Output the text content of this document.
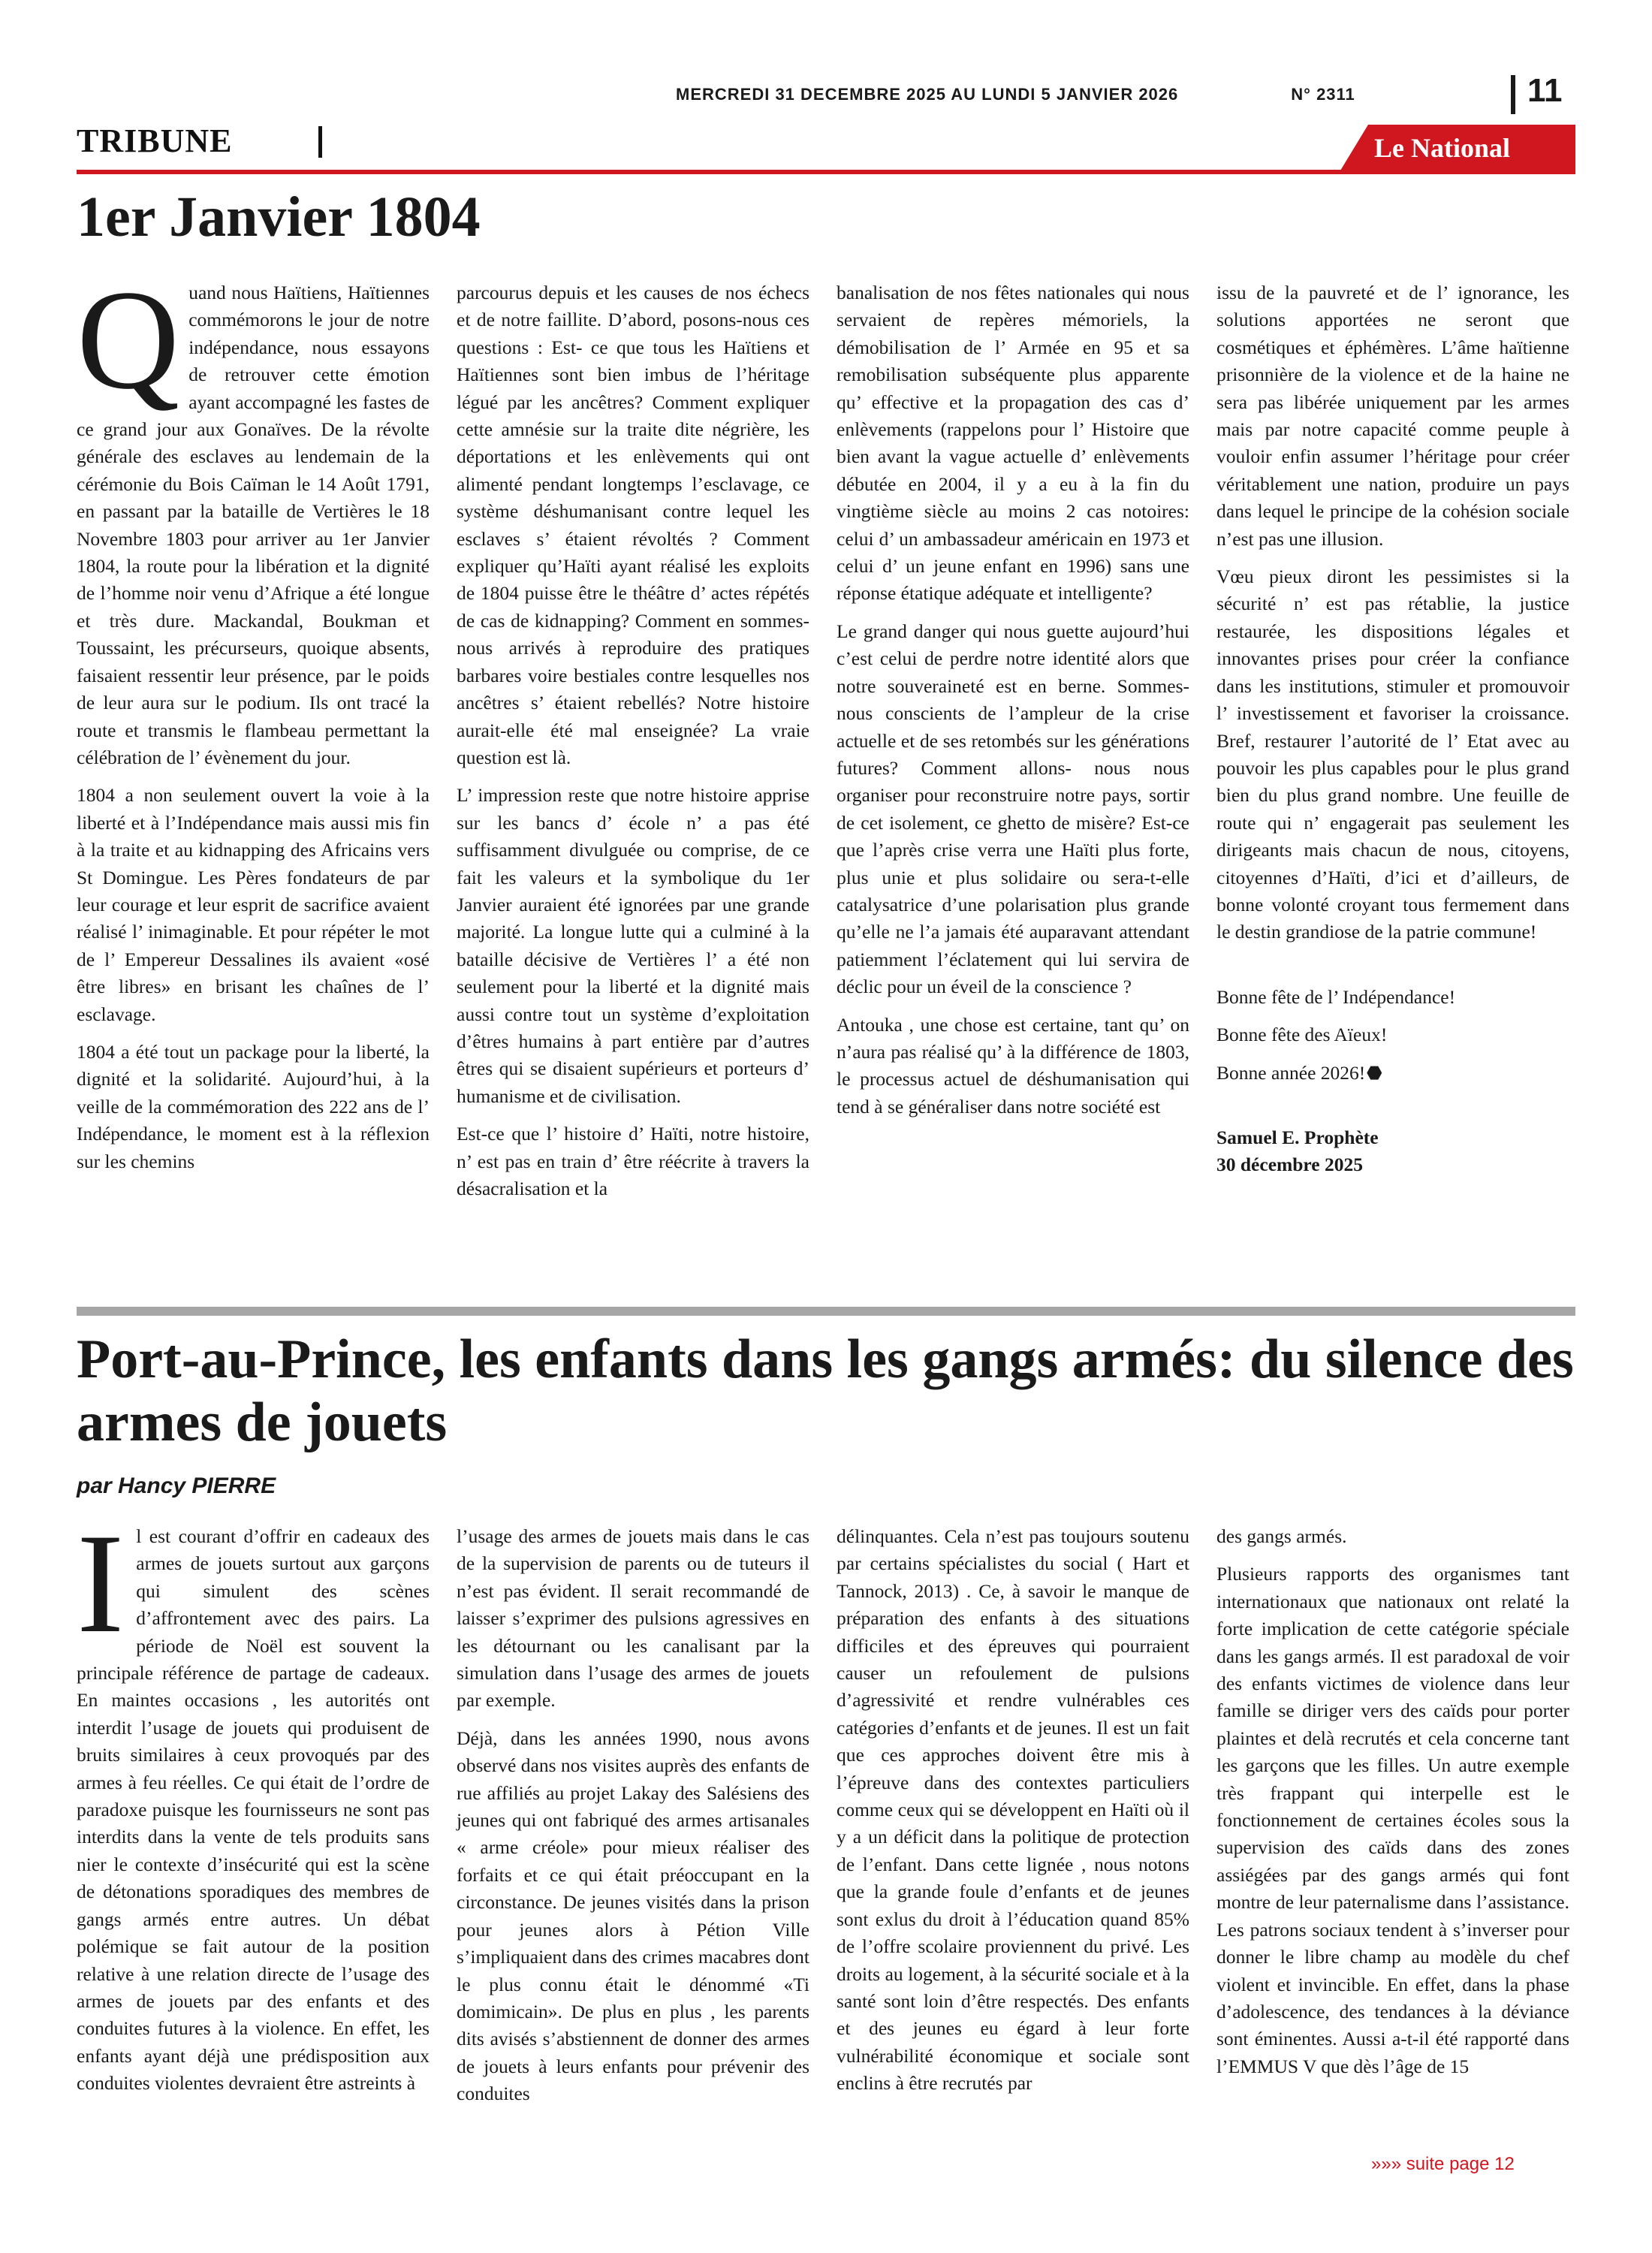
MERCREDI 31 DECEMBRE 2025 AU LUNDI 5 JANVIER 2026	N° 2311	11
TRIBUNE	Le National
1er Janvier 1804

Quand nous Haïtiens, Haïtiennes commémorons le jour de notre indépendance, nous essayons de retrouver cette émotion ayant accompagné les fastes de ce grand jour aux Gonaïves. De la révolte générale des esclaves au lendemain de la cérémonie du Bois Caïman le 14 Août 1791, en passant par la bataille de Vertières le 18 Novembre 1803 pour arriver au 1er Janvier 1804, la route pour la libération et la dignité de l’homme noir venu d’Afrique a été longue et très dure. Mackandal, Boukman et Toussaint, les précurseurs, quoique absents, faisaient ressentir leur présence, par le poids de leur aura sur le podium. Ils ont tracé la route et transmis le flambeau permettant la célébration de l’ évènement du jour.

1804 a non seulement ouvert la voie à la liberté et à l’Indépendance mais aussi mis fin à la traite et au kidnapping des Africains vers St Domingue. Les Pères fondateurs de par leur courage et leur esprit de sacrifice avaient réalisé l’ inimaginable. Et pour répéter le mot de l’ Empereur Dessalines ils avaient «osé être libres» en brisant les chaînes de l’ esclavage.

1804 a été tout un package pour la liberté, la dignité et la solidarité. Aujourd’hui, à la veille de la commémoration des 222 ans de l’ Indépendance, le moment est à la réflexion sur les chemins

parcourus depuis et les causes de nos échecs et de notre faillite. D’abord, posons-nous ces questions : Est- ce que tous les Haïtiens et Haïtiennes sont bien imbus de l’héritage légué par les ancêtres? Comment expliquer cette amnésie sur la traite dite négrière, les déportations et les enlèvements qui ont alimenté pendant longtemps l’esclavage, ce système déshumanisant contre lequel les esclaves s’ étaient révoltés ? Comment expliquer qu’Haïti ayant réalisé les exploits de 1804 puisse être le théâtre d’ actes répétés de cas de kidnapping? Comment en sommes- nous arrivés à reproduire des pratiques barbares voire bestiales contre lesquelles nos ancêtres s’ étaient rebellés? Notre histoire aurait-elle été mal enseignée? La vraie question est là.

L’ impression reste que notre histoire apprise sur les bancs d’ école n’ a pas été suffisamment divulguée ou comprise, de ce fait les valeurs et la symbolique du 1er Janvier auraient été ignorées par une grande majorité. La longue lutte qui a culminé à la bataille décisive de Vertières l’ a été non seulement pour la liberté et la dignité mais aussi contre tout un système d’exploitation d’êtres humains à part entière par d’autres êtres qui se disaient supérieurs et porteurs d’ humanisme et de civilisation.

Est-ce que l’ histoire d’ Haïti, notre histoire, n’ est pas en train d’ être réécrite à travers la désacralisation et la

banalisation de nos fêtes nationales qui nous servaient de repères mémoriels, la démobilisation de l’ Armée en 95 et sa remobilisation subséquente plus apparente qu’ effective et la propagation des cas d’ enlèvements (rappelons pour l’ Histoire que bien avant la vague actuelle d’ enlèvements débutée en 2004, il y a eu à la fin du vingtième siècle au moins 2 cas notoires: celui d’ un ambassadeur américain en 1973 et celui d’ un jeune enfant en 1996) sans une réponse étatique adéquate et intelligente?

Le grand danger qui nous guette aujourd’hui c’est celui de perdre notre identité alors que notre souveraineté est en berne. Sommes-nous conscients de l’ampleur de la crise actuelle et de ses retombés sur les générations futures? Comment allons- nous nous organiser pour reconstruire notre pays, sortir de cet isolement, ce ghetto de misère? Est-ce que l’après crise verra une Haïti plus forte, plus unie et plus solidaire ou sera-t-elle catalysatrice d’une polarisation plus grande qu’elle ne l’a jamais été auparavant attendant patiemment l’éclatement qui lui servira de déclic pour un éveil de la conscience ?

Antouka , une chose est certaine, tant qu’ on n’aura pas réalisé qu’ à la différence de 1803, le processus actuel de déshumanisation qui tend à se généraliser dans notre société est

issu de la pauvreté et de l’ ignorance, les solutions apportées ne seront que cosmétiques et éphémères. L’âme haïtienne prisonnière de la violence et de la haine ne sera pas libérée uniquement par les armes mais par notre capacité comme peuple à vouloir enfin assumer l’héritage pour créer véritablement une nation, produire un pays dans lequel le principe de la cohésion sociale n’est pas une illusion.

Vœu pieux diront les pessimistes si la sécurité n’ est pas rétablie, la justice restaurée, les dispositions légales et innovantes prises pour créer la confiance dans les institutions, stimuler et promouvoir l’ investissement et favoriser la croissance. Bref, restaurer l’autorité de l’ Etat avec au pouvoir les plus capables pour le plus grand bien du plus grand nombre. Une feuille de route qui n’ engagerait pas seulement les dirigeants mais chacun de nous, citoyens, citoyennes d’Haïti, d’ici et d’ailleurs, de bonne volonté croyant tous fermement dans le destin grandiose de la patrie commune!

Bonne fête de l’ Indépendance!

Bonne fête des Aïeux!

Bonne année 2026!

Samuel E. Prophète

30 décembre 2025

Port-au-Prince, les enfants dans les gangs armés: du silence des armes de jouets
par Hancy PIERRE

Il est courant d’offrir en cadeaux des armes de jouets surtout aux garçons qui simulent des scènes d’affrontement avec des pairs. La période de Noël est souvent la principale référence de partage de cadeaux. En maintes occasions , les autorités ont interdit l’usage de jouets qui produisent de bruits similaires à ceux provoqués par des armes à feu réelles. Ce qui était de l’ordre de paradoxe puisque les fournisseurs ne sont pas interdits dans la vente de tels produits sans nier le contexte d’insécurité qui est la scène de détonations sporadiques des membres de gangs armés entre autres. Un débat polémique se fait autour de la position relative à une relation directe de l’usage des armes de jouets par des enfants et des conduites futures à la violence. En effet, les enfants ayant déjà une prédisposition aux conduites violentes devraient être astreints à

l’usage des armes de jouets mais dans le cas de la supervision de parents ou de tuteurs il n’est pas évident. Il serait recommandé de laisser s’exprimer des pulsions agressives en les détournant ou les canalisant par la simulation dans l’usage des armes de jouets par exemple.

Déjà, dans les années 1990, nous avons observé dans nos visites auprès des enfants de rue affiliés au projet Lakay des Salésiens des jeunes qui ont fabriqué des armes artisanales « arme créole» pour mieux réaliser des forfaits et ce qui était préoccupant en la circonstance. De jeunes visités dans la prison pour jeunes alors à Pétion Ville s’impliquaient dans des crimes macabres dont le plus connu était le dénommé «Ti domimicain». De plus en plus , les parents dits avisés s’abstiennent de donner des armes de jouets à leurs enfants pour prévenir des conduites

délinquantes. Cela n’est pas toujours soutenu par certains spécialistes du social ( Hart et Tannock, 2013) . Ce, à savoir le manque de préparation des enfants à des situations difficiles et des épreuves qui pourraient causer un refoulement de pulsions d’agressivité et rendre vulnérables ces catégories d’enfants et de jeunes. Il est un fait que ces approches doivent être mis à l’épreuve dans des contextes particuliers comme ceux qui se développent en Haïti où il y a un déficit dans la politique de protection de l’enfant. Dans cette lignée , nous notons que la grande foule d’enfants et de jeunes sont exlus du droit à l’éducation quand 85% de l’offre scolaire proviennent du privé. Les droits au logement, à la sécurité sociale et à la santé sont loin d’être respectés. Des enfants et des jeunes eu égard à leur forte vulnérabilité économique et sociale sont enclins à être recrutés par

des gangs armés.

Plusieurs rapports des organismes tant internationaux que nationaux ont relaté la forte implication de cette catégorie spéciale dans les gangs armés. Il est paradoxal de voir des enfants victimes de violence dans leur famille se diriger vers des caïds pour porter plaintes et delà recrutés et cela concerne tant les garçons que les filles. Un autre exemple très frappant qui interpelle est le fonctionnement de certaines écoles sous la supervision des caïds dans des zones assiégées par des gangs armés qui font montre de leur paternalisme dans l’assistance. Les patrons sociaux tendent à s’inverser pour donner le libre champ au modèle du chef violent et invincible. En effet, dans la phase d’adolescence, des tendances à la déviance sont éminentes. Aussi a-t-il été rapporté dans l’EMMUS V que dès l’âge de 15

»»» suite page 12
